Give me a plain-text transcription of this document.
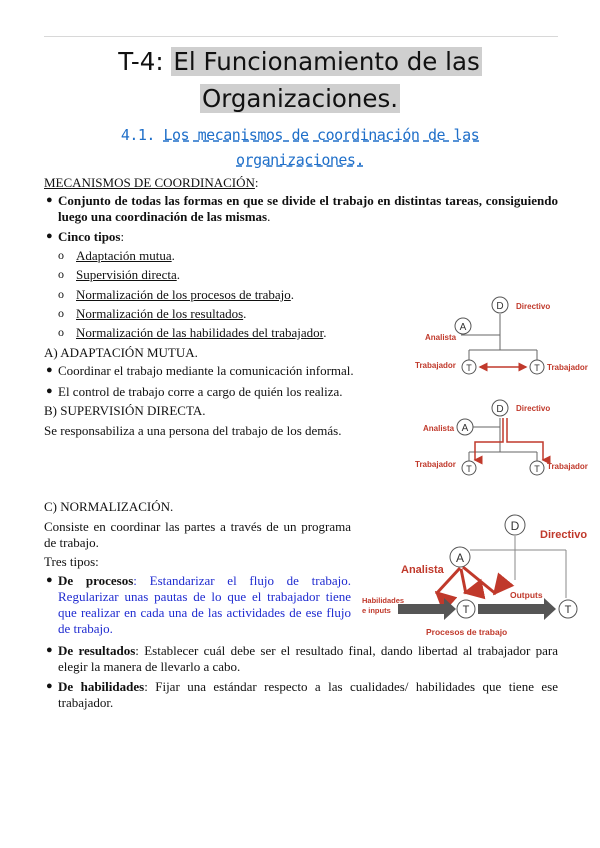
T-4: El Funcionamiento de las
Organizaciones.
4.1. Los mecanismos de coordinación de las
organizaciones.
MECANISMOS DE COORDINACIÓN:
● Conjunto de todas las formas en que se divide el trabajo en distintas tareas, consiguiendo luego una coordinación de las mismas.
● Cinco tipos:
o Adaptación mutua.
o Supervisión directa.
o Normalización de los procesos de trabajo.
o Normalización de los resultados.
o Normalización de las habilidades del trabajador.
A) ADAPTACIÓN MUTUA.
● Coordinar el trabajo mediante la comunicación informal.
● El control de trabajo corre a cargo de quién los realiza.
B) SUPERVISIÓN DIRECTA.
Se responsabiliza a una persona del trabajo de los demás.
C) NORMALIZACIÓN.
Consiste en coordinar las partes a través de un programa de trabajo.
Tres tipos:
● De procesos: Estandarizar el flujo de trabajo. Regularizar unas pautas de lo que el trabajador tiene que realizar en cada una de las actividades de ese flujo de trabajo.
● De resultados: Establecer cuál debe ser el resultado final, dando libertad al trabajador para elegir la manera de llevarlo a cabo.
● De habilidades: Fijar una estándar respecto a las cualidades/ habilidades que tiene ese trabajador.
D
A
T	T
Directivo
Analista
Trabajador	Trabajador
D
A
T	T
Directivo
Analista
Trabajador	Trabajador
D
A
T	T
Directivo
Analista
Habilidades
e inputs
Outputs
Procesos de trabajo
